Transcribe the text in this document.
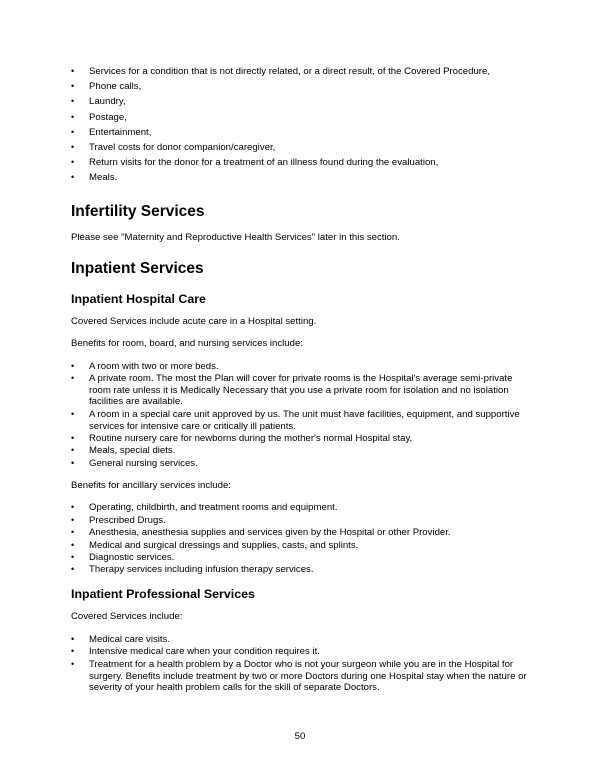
• Services for a condition that is not directly related, or a direct result, of the Covered Procedure,
• Phone calls,
• Laundry,
• Postage,
• Entertainment,
• Travel costs for donor companion/caregiver,
• Return visits for the donor for a treatment of an illness found during the evaluation,
• Meals.
Infertility Services

Please see "Maternity and Reproductive Health Services" later in this section.

Inpatient Services
Inpatient Hospital Care

Covered Services include acute care in a Hospital setting.

Benefits for room, board, and nursing services include:

• A room with two or more beds.
• A private room. The most the Plan will cover for private rooms is the Hospital's average semi-private room rate unless it is Medically Necessary that you use a private room for isolation and no isolation facilities are available.
• A room in a special care unit approved by us. The unit must have facilities, equipment, and supportive services for intensive care or critically ill patients.
• Routine nursery care for newborns during the mother's normal Hospital stay.
• Meals, special diets.
• General nursing services.

Benefits for ancillary services include:

• Operating, childbirth, and treatment rooms and equipment.
• Prescribed Drugs.
• Anesthesia, anesthesia supplies and services given by the Hospital or other Provider.
• Medical and surgical dressings and supplies, casts, and splints.
• Diagnostic services.
• Therapy services including infusion therapy services.
Inpatient Professional Services

Covered Services include:

• Medical care visits.
• Intensive medical care when your condition requires it.
• Treatment for a health problem by a Doctor who is not your surgeon while you are in the Hospital for surgery. Benefits include treatment by two or more Doctors during one Hospital stay when the nature or severity of your health problem calls for the skill of separate Doctors.
50
